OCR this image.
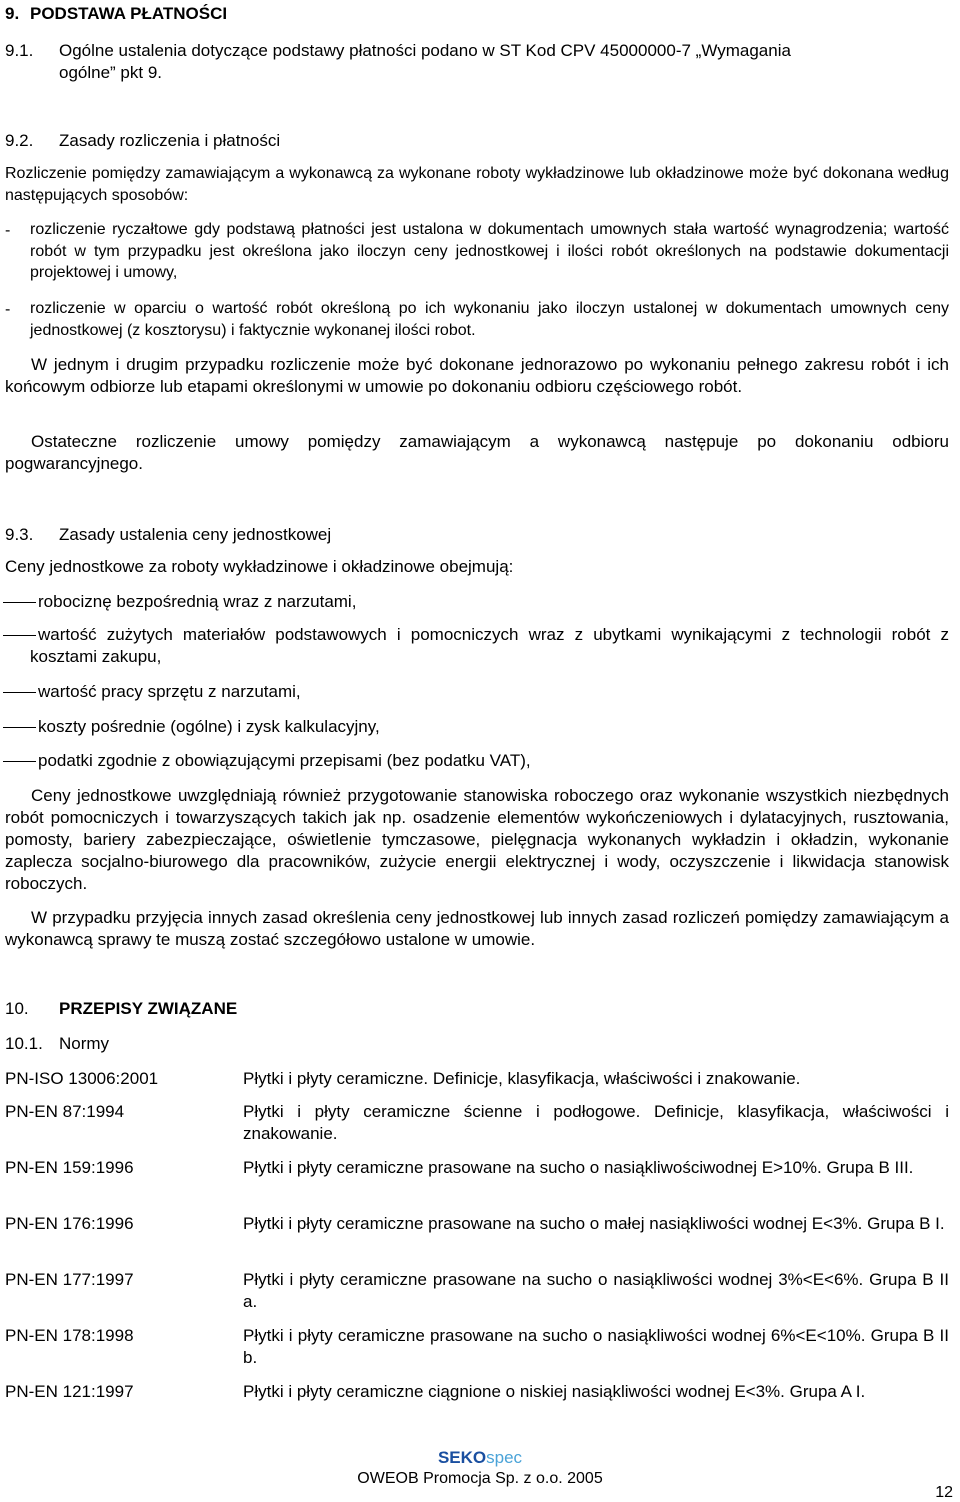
9. PODSTAWA PŁATNOŚCI
9.1. Ogólne ustalenia dotyczące podstawy płatności podano w ST Kod CPV 45000000-7 „Wymagania
ogólne” pkt 9.
9.2. Zasady rozliczenia i płatności

Rozliczenie pomiędzy zamawiającym a wykonawcą za wykonane roboty wykładzinowe lub okładzinowe może być dokonana według następujących sposobów:

- rozliczenie ryczałtowe gdy podstawą płatności jest ustalona w dokumentach umownych stała wartość wynagrodzenia; wartość robót w tym przypadku jest określona jako iloczyn ceny jednostkowej i ilości robót określonych na podstawie dokumentacji projektowej i umowy,

- rozliczenie w oparciu o wartość robót określoną po ich wykonaniu jako iloczyn ustalonej w dokumentach umownych ceny jednostkowej (z kosztorysu) i faktycznie wykonanej ilości robot.

W jednym i drugim przypadku rozliczenie może być dokonane jednorazowo po wykonaniu pełnego zakresu robót i ich końcowym odbiorze lub etapami określonymi w umowie po dokonaniu odbioru częściowego robót.

Ostateczne rozliczenie umowy pomiędzy zamawiającym a wykonawcą następuje po dokonaniu odbioru pogwarancyjnego.

9.3. Zasady ustalenia ceny jednostkowej
Ceny jednostkowe za roboty wykładzinowe i okładzinowe obejmują:
robociznę bezpośrednią wraz z narzutami,

wartość zużytych materiałów podstawowych i pomocniczych wraz z ubytkami wynikającymi z technologii robót z kosztami zakupu,

wartość pracy sprzętu z narzutami,
koszty pośrednie (ogólne) i zysk kalkulacyjny,
podatki zgodnie z obowiązującymi przepisami (bez podatku VAT),

Ceny jednostkowe uwzględniają również przygotowanie stanowiska roboczego oraz wykonanie wszystkich niezbędnych robót pomocniczych i towarzyszących takich jak np. osadzenie elementów wykończeniowych i dylatacyjnych, rusztowania, pomosty, bariery zabezpieczające, oświetlenie tymczasowe, pielęgnacja wykonanych wykładzin i okładzin, wykonanie zaplecza socjalno-biurowego dla pracowników, zużycie energii elektrycznej i wody, oczyszczenie i likwidacja stanowisk roboczych.

W przypadku przyjęcia innych zasad określenia ceny jednostkowej lub innych zasad rozliczeń pomiędzy zamawiającym a wykonawcą sprawy te muszą zostać szczegółowo ustalone w umowie.

10. PRZEPISY ZWIĄZANE
10.1. Normy
PN-ISO 13006:2001	Płytki i płyty ceramiczne. Definicje, klasyfikacja, właściwości i znakowanie.
PN-EN 87:1994	Płytki i płyty ceramiczne ścienne i podłogowe. Definicje, klasyfikacja, właściwości i znakowanie.
PN-EN 159:1996	Płytki i płyty ceramiczne prasowane na sucho o nasiąkliwościwodnej E>10%. Grupa B III.
PN-EN 176:1996	Płytki i płyty ceramiczne prasowane na sucho o małej nasiąkliwości wodnej E<3%. Grupa B I.
PN-EN 177:1997	Płytki i płyty ceramiczne prasowane na sucho o nasiąkliwości wodnej 3%<E<6%. Grupa B II a.
PN-EN 178:1998	Płytki i płyty ceramiczne prasowane na sucho o nasiąkliwości wodnej 6%<E<10%. Grupa B II b.
PN-EN 121:1997	Płytki i płyty ceramiczne ciągnione o niskiej nasiąkliwości wodnej E<3%. Grupa A I.
SEKOspec
OWEOB Promocja Sp. z o.o. 2005
12
